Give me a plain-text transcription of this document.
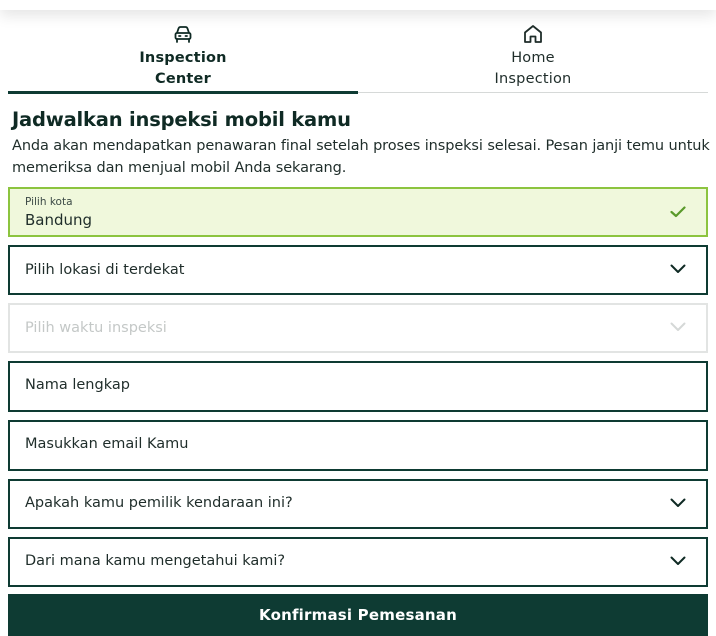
Inspection
Center
Home
Inspection
Jadwalkan inspeksi mobil kamu
Anda akan mendapatkan penawaran final setelah proses inspeksi selesai. Pesan janji temu untuk memeriksa dan menjual mobil Anda sekarang.
Pilih kota
Bandung
Pilih lokasi di terdekat
Pilih waktu inspeksi
Nama lengkap
Masukkan email Kamu
Apakah kamu pemilik kendaraan ini?
Dari mana kamu mengetahui kami?
Konfirmasi Pemesanan
